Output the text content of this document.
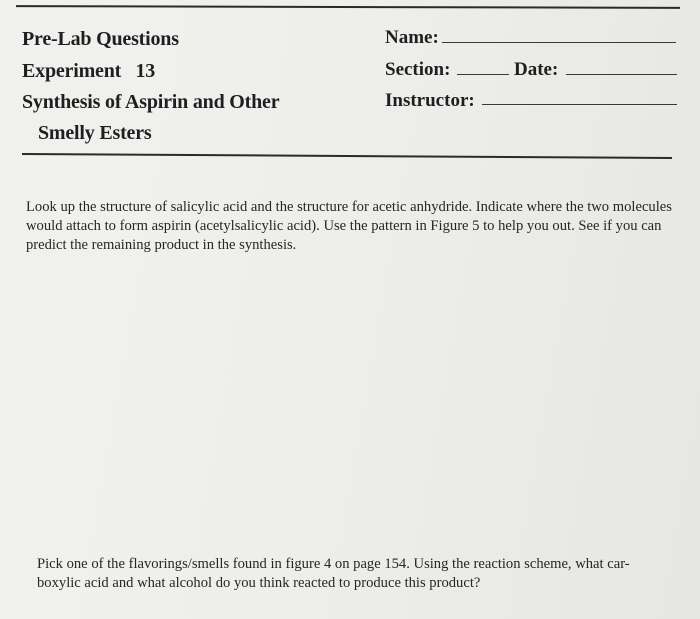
Pre-Lab Questions
Experiment   13
Synthesis of Aspirin and Other
Smelly Esters
Name:
Section:	Date:
Instructor:
Look up the structure of salicylic acid and the structure for acetic anhydride. Indicate where the two molecules would attach to form aspirin (acetylsalicylic acid). Use the pattern in Figure 5 to help you out. See if you can predict the remaining product in the synthesis.
Pick one of the flavorings/smells found in figure 4 on page 154. Using the reaction scheme, what car-boxylic acid and what alcohol do you think reacted to produce this product?
